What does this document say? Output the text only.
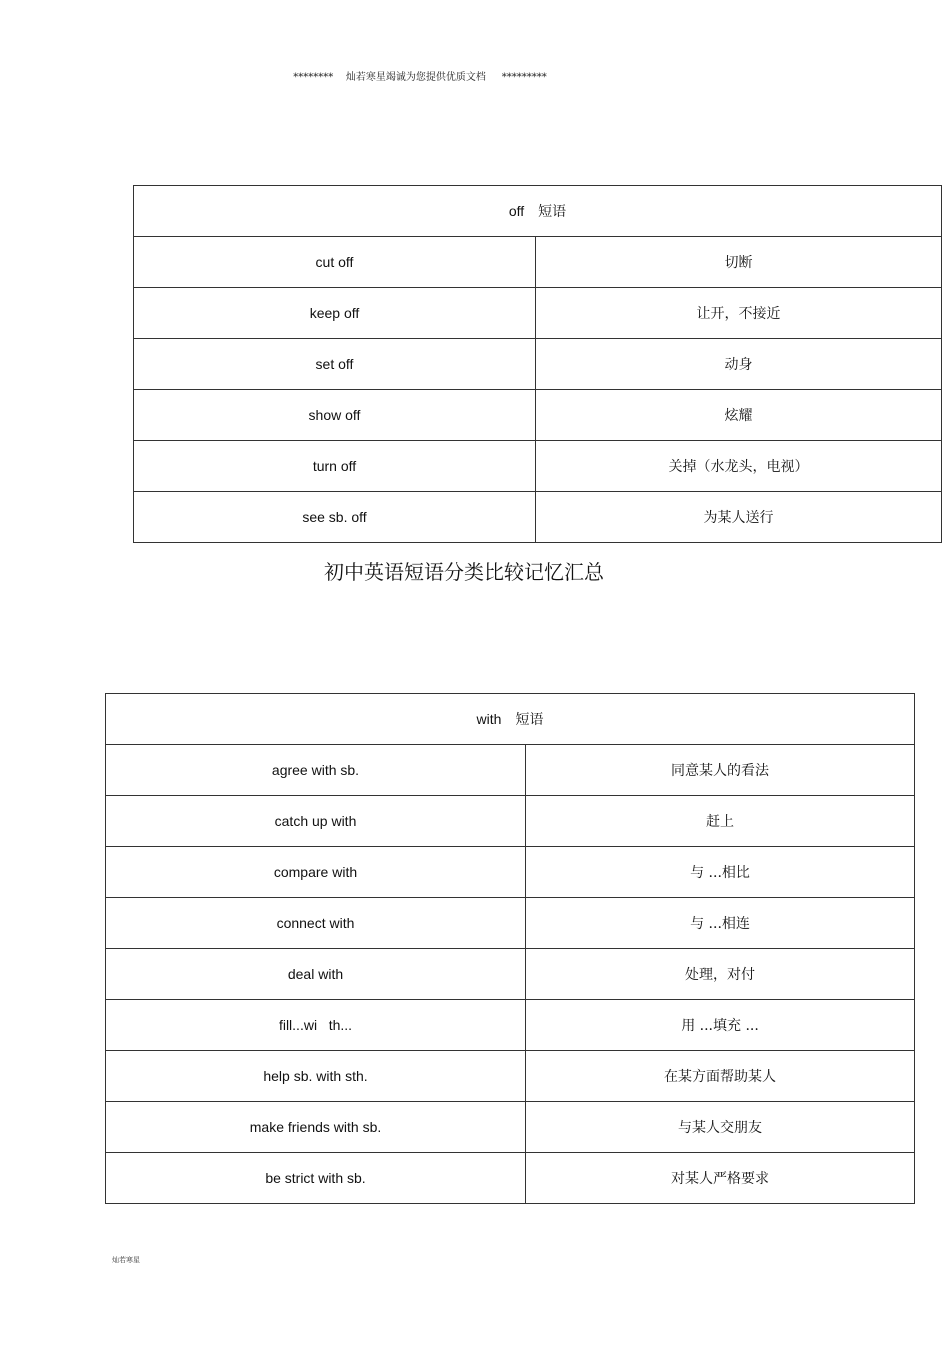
********    灿若寒星竭诚为您提供优质文档     *********
off 短语	
cut off	切断
keep off	让开，不接近
set off	动身
show off	炫耀
turn off	关掉（水龙头，电视）
see sb. off	为某人送行
初中英语短语分类比较记忆汇总
with 短语	
agree with sb.	同意某人的看法
catch up with	赶上
compare with	与 ...相比
connect with	与 ...相连
deal with	处理，对付
fill...wi   th...	用 ...填充 ...
help sb. with sth.	在某方面帮助某人
make friends with sb.	与某人交朋友
be strict with sb.	对某人严格要求
灿若寒星
